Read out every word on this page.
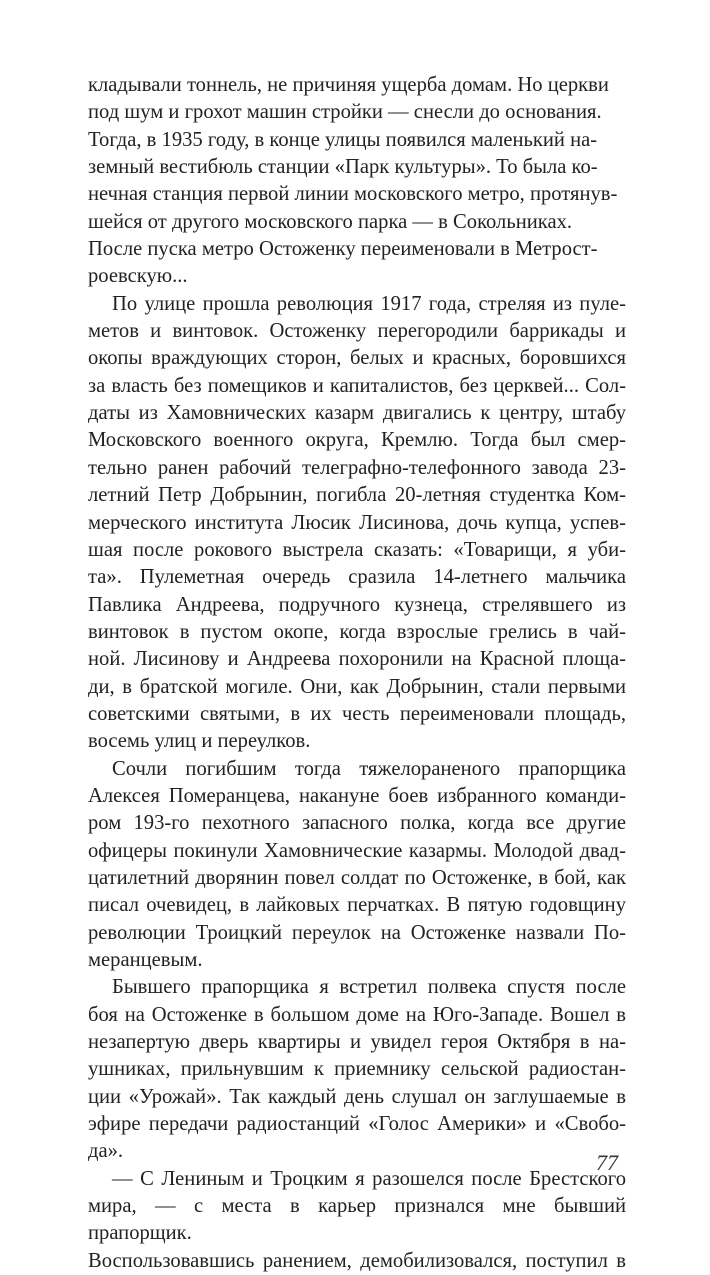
кладывали тоннель, не причиняя ущерба домам. Но церкви
под шум и грохот машин стройки — снесли до основания.
Тогда, в 1935 году, в конце улицы появился маленький на-
земный вестибюль станции «Парк культуры». То была ко-
нечная станция первой линии московского метро, протянув-
шейся от другого московского парка — в Сокольниках.
После пуска метро Остоженку переименовали в Метрост-
роевскую...

По улице прошла революция 1917 года, стреляя из пуле-
метов и винтовок. Остоженку перегородили баррикады и
окопы враждующих сторон, белых и красных, боровшихся
за власть без помещиков и капиталистов, без церквей... Сол-
даты из Хамовнических казарм двигались к центру, штабу
Московского военного округа, Кремлю. Тогда был смер-
тельно ранен рабочий телеграфно-телефонного завода 23-
летний Петр Добрынин, погибла 20-летняя студентка Ком-
мерческого института Люсик Лисинова, дочь купца, успев-
шая после рокового выстрела сказать: «Товарищи, я уби-
та». Пулеметная очередь сразила 14-летнего мальчика
Павлика Андреева, подручного кузнеца, стрелявшего из
винтовок в пустом окопе, когда взрослые грелись в чай-
ной. Лисинову и Андреева похоронили на Красной площа-
ди, в братской могиле. Они, как Добрынин, стали первыми
советскими святыми, в их честь переименовали площадь,
восемь улиц и переулков.

Сочли погибшим тогда тяжелораненого прапорщика
Алексея Померанцева, накануне боев избранного команди-
ром 193-го пехотного запасного полка, когда все другие
офицеры покинули Хамовнические казармы. Молодой двад-
цатилетний дворянин повел солдат по Остоженке, в бой, как
писал очевидец, в лайковых перчатках. В пятую годовщину
революции Троицкий переулок на Остоженке назвали По-
меранцевым.

Бывшего прапорщика я встретил полвека спустя после
боя на Остоженке в большом доме на Юго-Западе. Вошел в
незапертую дверь квартиры и увидел героя Октября в на-
ушниках, прильнувшим к приемнику сельской радиостан-
ции «Урожай». Так каждый день слушал он заглушаемые в
эфире передачи радиостанций «Голос Америки» и «Свобо-
да».

— С Лениным и Троцким я разошелся после Брестского
мира, — с места в карьер признался мне бывший прапорщик.
Воспользовавшись ранением, демобилизовался, поступил в

77
